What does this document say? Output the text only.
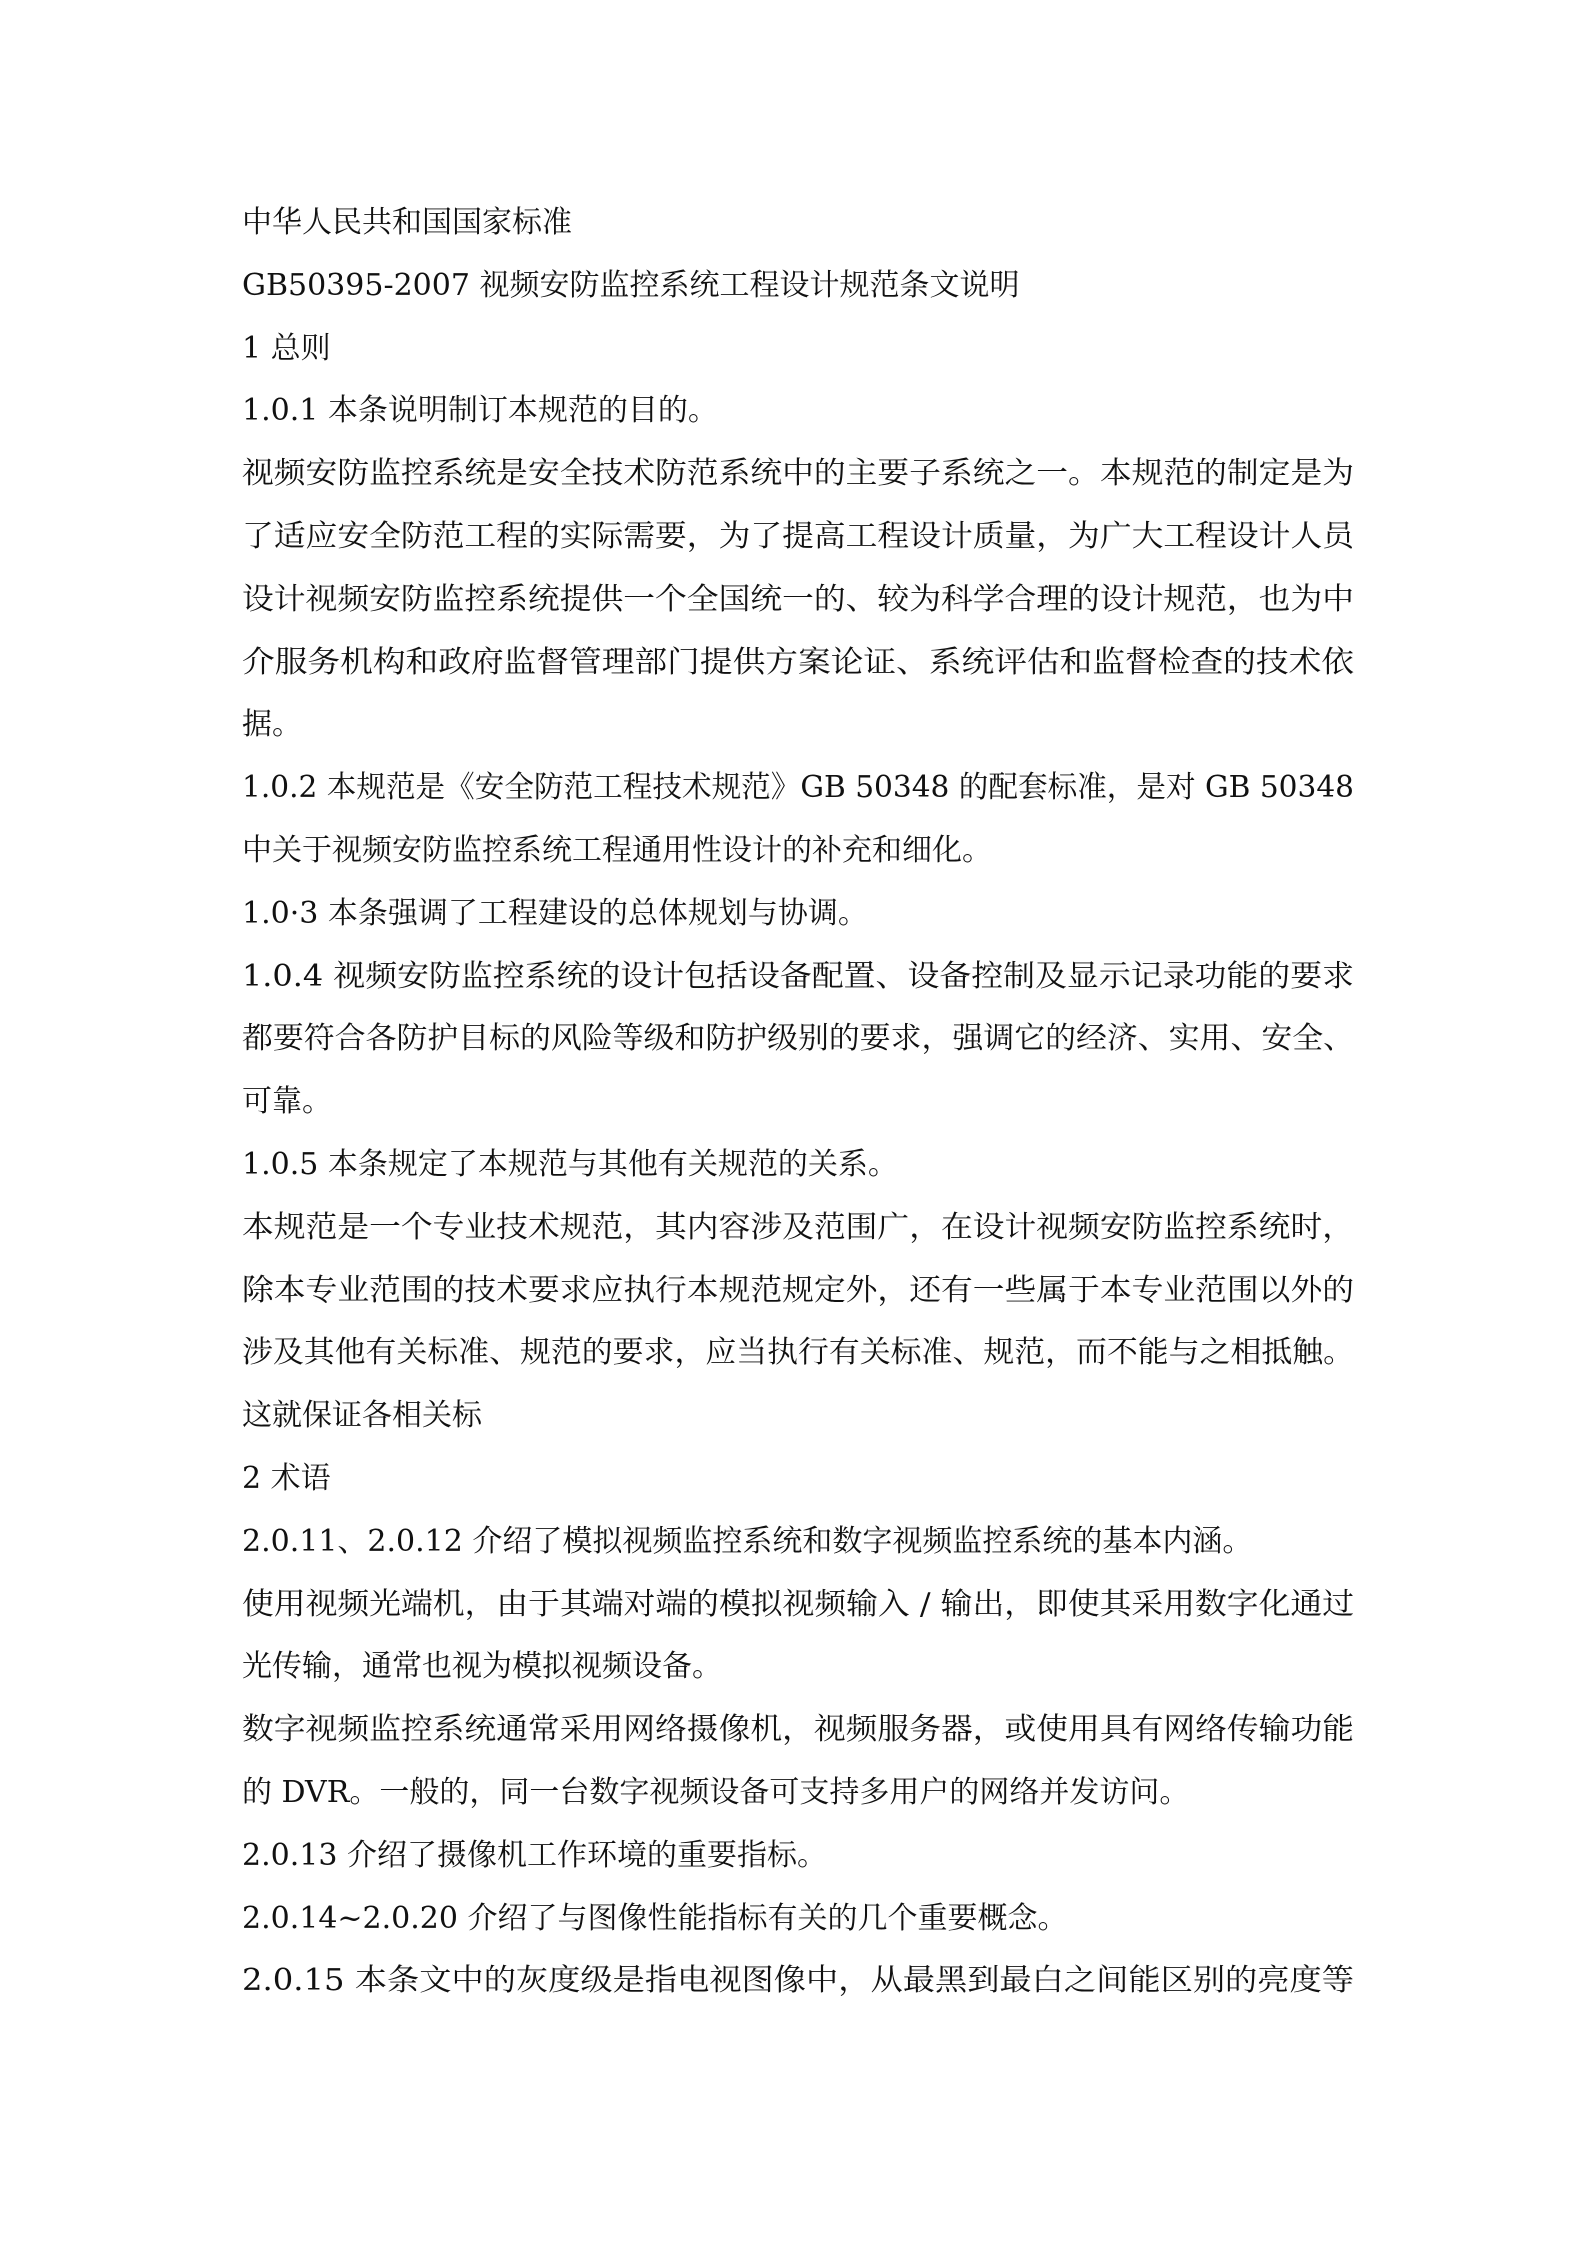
中华人民共和国国家标准
GB50395-2007 视频安防监控系统工程设计规范条文说明
1 总则
1.0.1 本条说明制订本规范的目的。
视频安防监控系统是安全技术防范系统中的主要子系统之一。本规范的制定是为
了适应安全防范工程的实际需要，为了提高工程设计质量，为广大工程设计人员
设计视频安防监控系统提供一个全国统一的、较为科学合理的设计规范，也为中
介服务机构和政府监督管理部门提供方案论证、系统评估和监督检查的技术依
据。
1.0.2 本规范是《安全防范工程技术规范》GB 50348 的配套标准，是对 GB 50348
中关于视频安防监控系统工程通用性设计的补充和细化。
1.0·3 本条强调了工程建设的总体规划与协调。
1.0.4 视频安防监控系统的设计包括设备配置、设备控制及显示记录功能的要求
都要符合各防护目标的风险等级和防护级别的要求，强调它的经济、实用、安全、
可靠。
1.0.5 本条规定了本规范与其他有关规范的关系。
本规范是一个专业技术规范，其内容涉及范围广，在设计视频安防监控系统时，
除本专业范围的技术要求应执行本规范规定外，还有一些属于本专业范围以外的
涉及其他有关标准、规范的要求，应当执行有关标准、规范，而不能与之相抵触。
这就保证各相关标
2 术语
2.0.11、2.0.12 介绍了模拟视频监控系统和数字视频监控系统的基本内涵。
使用视频光端机，由于其端对端的模拟视频输入 / 输出，即使其采用数字化通过
光传输，通常也视为模拟视频设备。
数字视频监控系统通常采用网络摄像机，视频服务器，或使用具有网络传输功能
的 DVR。一般的，同一台数字视频设备可支持多用户的网络并发访问。
2.0.13 介绍了摄像机工作环境的重要指标。
2.0.14~2.0.20 介绍了与图像性能指标有关的几个重要概念。
2.0.15 本条文中的灰度级是指电视图像中，从最黑到最白之间能区别的亮度等
